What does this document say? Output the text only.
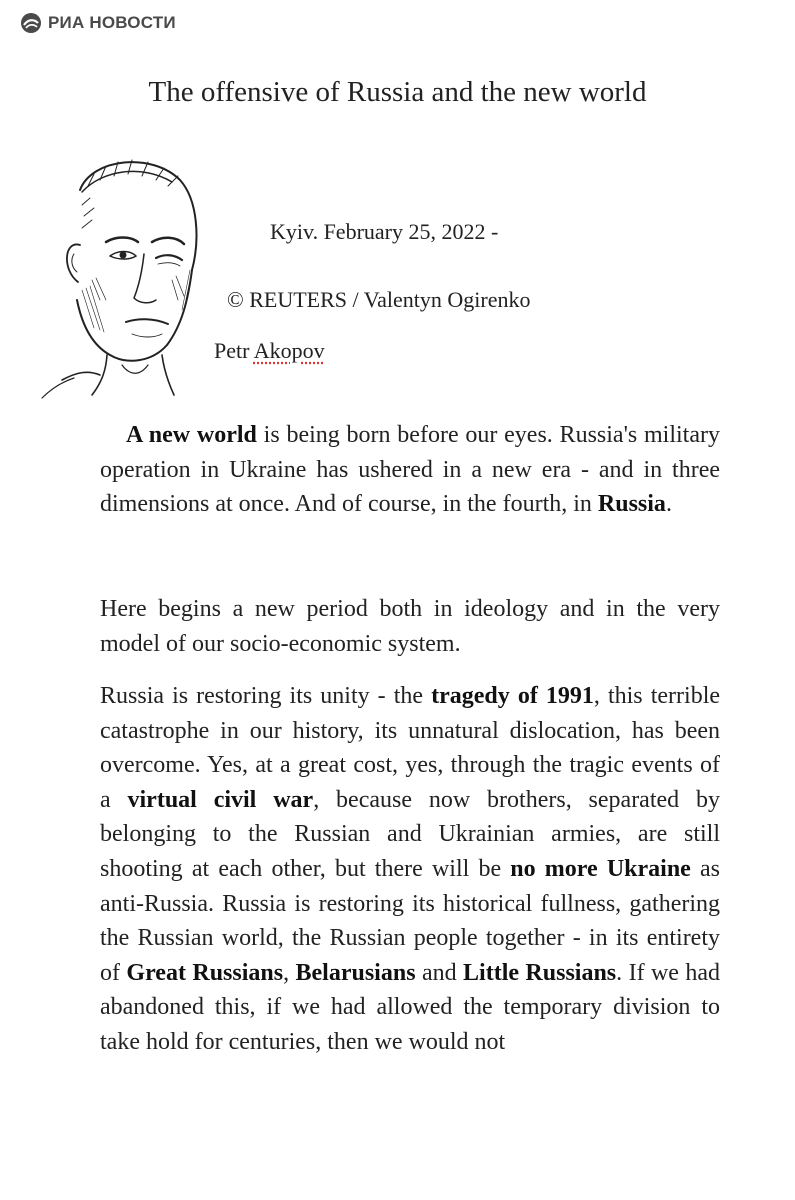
РИА НОВОСТИ
The offensive of Russia and the new world
Kyiv. February 25, 2022 -
© REUTERS / Valentyn Ogirenko
Petr Akopov
A new world is being born before our eyes. Russia's military operation in Ukraine has ushered in a new era - and in three dimensions at once. And of course, in the fourth, in Russia.
Here begins a new period both in ideology and in the very model of our socio-economic system.
Russia is restoring its unity - the tragedy of 1991, this terrible catastrophe in our history, its unnatural dislocation, has been overcome. Yes, at a great cost, yes, through the tragic events of a virtual civil war, because now brothers, separated by belonging to the Russian and Ukrainian armies, are still shooting at each other, but there will be no more Ukraine as anti-Russia. Russia is restoring its historical fullness, gathering the Russian world, the Russian people together - in its entirety of Great Russians, Belarusians and Little Russians. If we had abandoned this, if we had allowed the temporary division to take hold for centuries, then we would not
